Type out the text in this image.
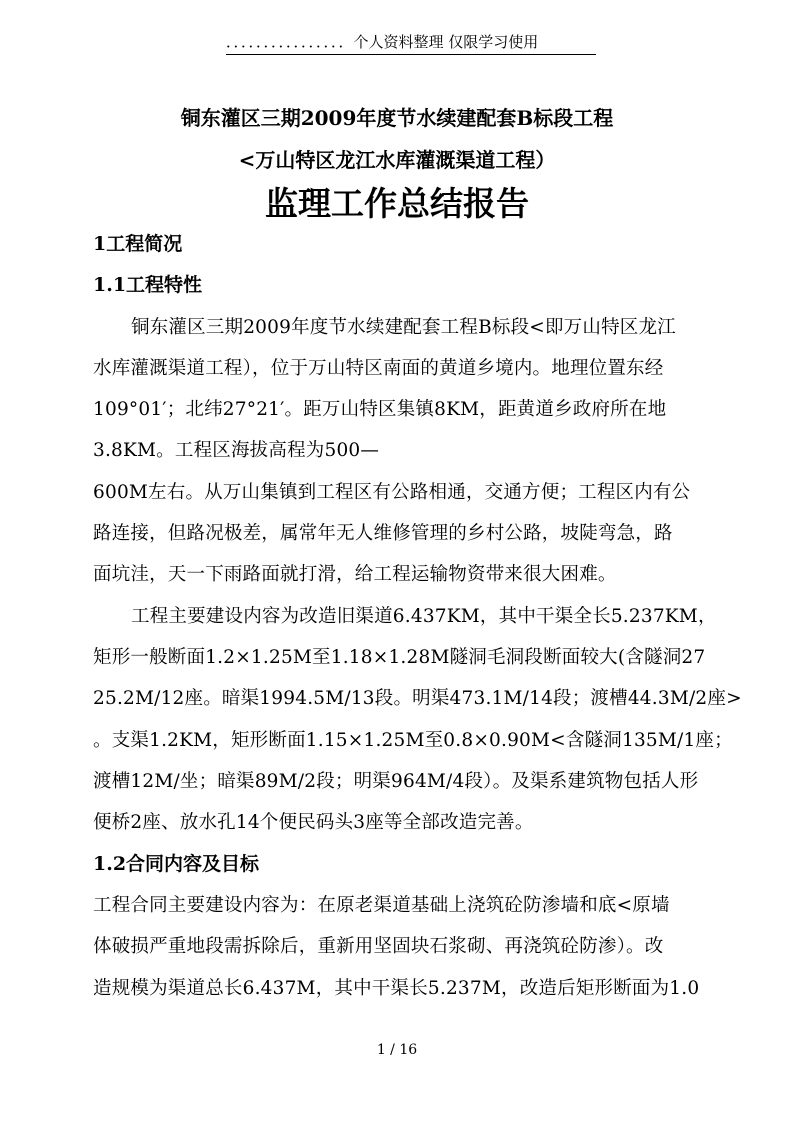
．．．．．．．．．．．．．．．．个人资料整理 仅限学习使用
铜东灌区三期2009年度节水续建配套B标段工程
<万山特区龙江水库灌溉渠道工程）
监理工作总结报告
1工程简况
1.1工程特性
铜东灌区三期2009年度节水续建配套工程B标段<即万山特区龙江
水库灌溉渠道工程），位于万山特区南面的黄道乡境内。地理位置东经
109°01′；北纬27°21′。距万山特区集镇8KM，距黄道乡政府所在地
3.8KM。工程区海拔高程为500—
600M左右。从万山集镇到工程区有公路相通，交通方便；工程区内有公
路连接，但路况极差，属常年无人维修管理的乡村公路，坡陡弯急，路
面坑洼，天一下雨路面就打滑，给工程运输物资带来很大困难。
工程主要建设内容为改造旧渠道6.437KM，其中干渠全长5.237KM，
矩形一般断面1.2×1.25M至1.18×1.28M隧洞毛洞段断面较大(含隧洞27
25.2M/12座。暗渠1994.5M/13段。明渠473.1M/14段；渡槽44.3M/2座>
。支渠1.2KM，矩形断面1.15×1.25M至0.8×0.90M<含隧洞135M/1座；
渡槽12M/坐；暗渠89M/2段；明渠964M/4段）。及渠系建筑物包括人形
便桥2座、放水孔14个便民码头3座等全部改造完善。
1.2合同内容及目标
工程合同主要建设内容为：在原老渠道基础上浇筑砼防渗墙和底<原墙
体破损严重地段需拆除后，重新用坚固块石浆砌、再浇筑砼防渗）。改
造规模为渠道总长6.437M，其中干渠长5.237M，改造后矩形断面为1.0
1 / 16
